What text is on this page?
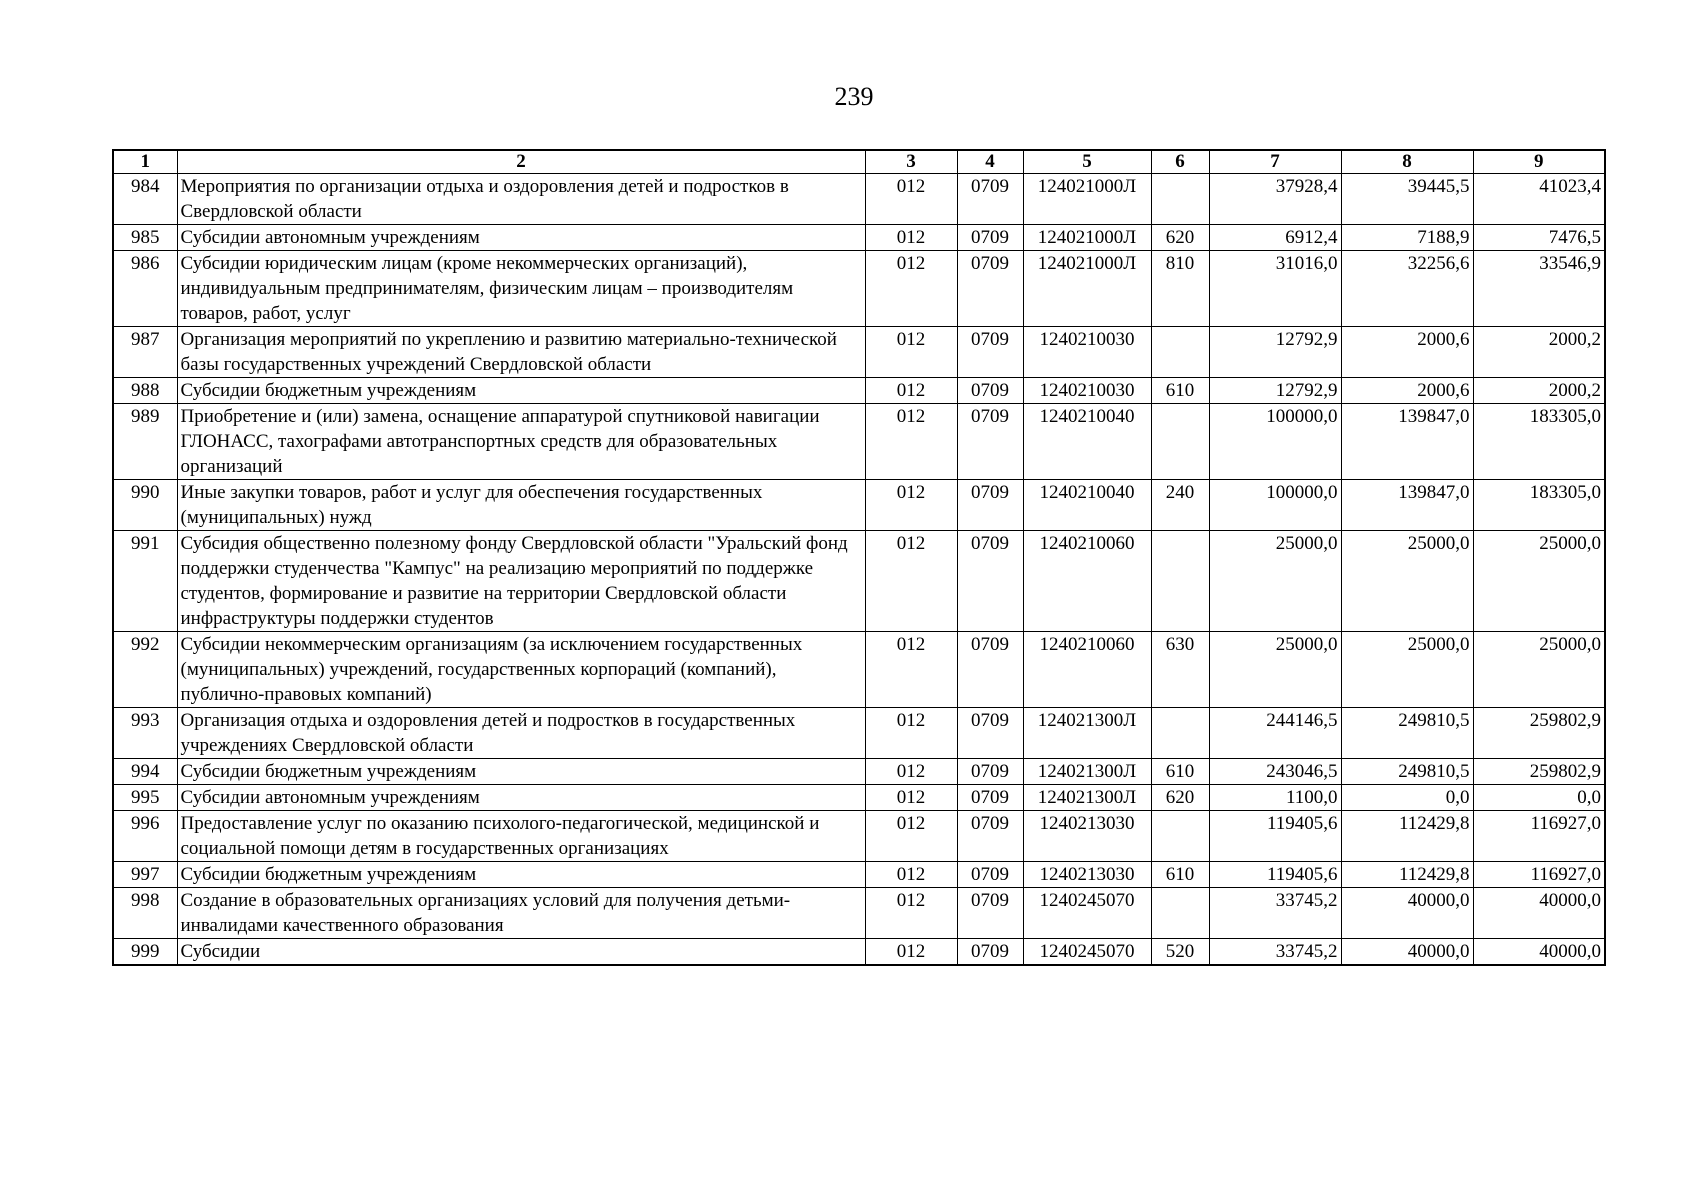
239
1	2	3	4	5	6	7	8	9
984	Мероприятия по организации отдыха и оздоровления детей и подростков в Свердловской области	012	0709	124021000Л		37928,4	39445,5	41023,4
985	Субсидии автономным учреждениям	012	0709	124021000Л	620	6912,4	7188,9	7476,5
986	Субсидии юридическим лицам (кроме некоммерческих организаций), индивидуальным предпринимателям, физическим лицам – производителям товаров, работ, услуг	012	0709	124021000Л	810	31016,0	32256,6	33546,9
987	Организация мероприятий по укреплению и развитию материально-технической базы государственных учреждений Свердловской области	012	0709	1240210030		12792,9	2000,6	2000,2
988	Субсидии бюджетным учреждениям	012	0709	1240210030	610	12792,9	2000,6	2000,2
989	Приобретение и (или) замена, оснащение аппаратурой спутниковой навигации ГЛОНАСС, тахографами автотранспортных средств для образовательных организаций	012	0709	1240210040		100000,0	139847,0	183305,0
990	Иные закупки товаров, работ и услуг для обеспечения государственных (муниципальных) нужд	012	0709	1240210040	240	100000,0	139847,0	183305,0
991	Субсидия общественно полезному фонду Свердловской области "Уральский фонд поддержки студенчества "Кампус" на реализацию мероприятий по поддержке студентов, формирование и развитие на территории Свердловской области инфраструктуры поддержки студентов	012	0709	1240210060		25000,0	25000,0	25000,0
992	Субсидии некоммерческим организациям (за исключением государственных (муниципальных) учреждений, государственных корпораций (компаний), публично-правовых компаний)	012	0709	1240210060	630	25000,0	25000,0	25000,0
993	Организация отдыха и оздоровления детей и подростков в государственных учреждениях Свердловской области	012	0709	124021300Л		244146,5	249810,5	259802,9
994	Субсидии бюджетным учреждениям	012	0709	124021300Л	610	243046,5	249810,5	259802,9
995	Субсидии автономным учреждениям	012	0709	124021300Л	620	1100,0	0,0	0,0
996	Предоставление услуг по оказанию психолого-педагогической, медицинской и социальной помощи детям в государственных организациях	012	0709	1240213030		119405,6	112429,8	116927,0
997	Субсидии бюджетным учреждениям	012	0709	1240213030	610	119405,6	112429,8	116927,0
998	Создание в образовательных организациях условий для получения детьми-инвалидами качественного образования	012	0709	1240245070		33745,2	40000,0	40000,0
999	Субсидии	012	0709	1240245070	520	33745,2	40000,0	40000,0
